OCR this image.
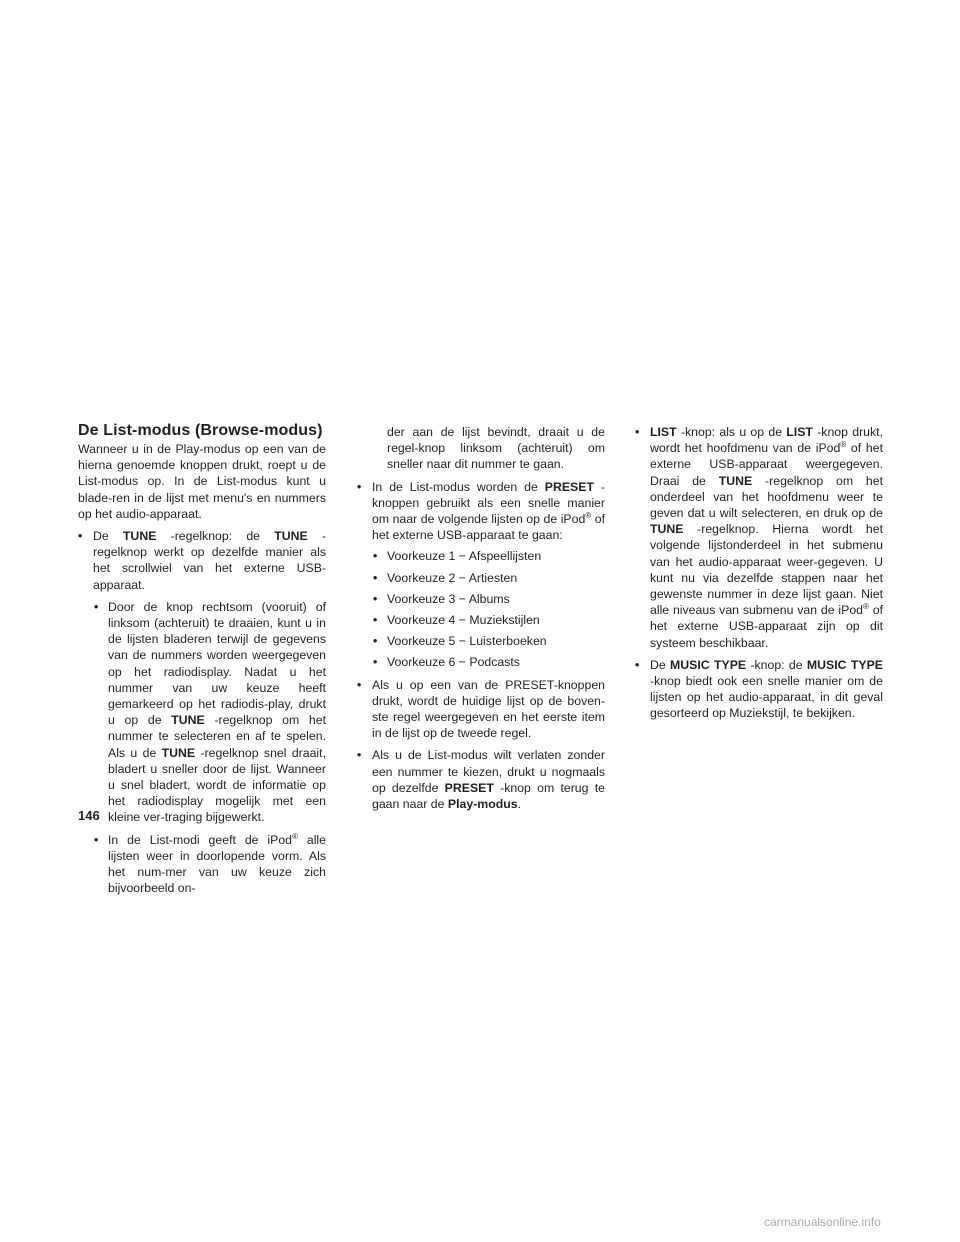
De List-modus (Browse-modus)

Wanneer u in de Play-modus op een van de hierna genoemde knoppen drukt, roept u de List-modus op. In de List-modus kunt u blade-ren in de lijst met menu's en nummers op het audio-apparaat.

• De TUNE -regelknop: de TUNE -regelknop werkt op dezelfde manier als het scrollwiel van het externe USB-apparaat.
• Door de knop rechtsom (vooruit) of linksom (achteruit) te draaien, kunt u in de lijsten bladeren terwijl de gegevens van de nummers worden weergegeven op het radiodisplay. Nadat u het nummer van uw keuze heeft gemarkeerd op het radiodis-play, drukt u op de TUNE -regelknop om het nummer te selecteren en af te spelen. Als u de TUNE -regelknop snel draait, bladert u sneller door de lijst. Wanneer u snel bladert, wordt de informatie op het radiodisplay mogelijk met een kleine ver-traging bijgewerkt.
• In de List-modi geeft de iPod® alle lijsten weer in doorlopende vorm. Als het num-mer van uw keuze zich bijvoorbeeld on-
der aan de lijst bevindt, draait u de regel-knop linksom (achteruit) om sneller naar dit nummer te gaan.
• In de List-modus worden de PRESET -knoppen gebruikt als een snelle manier om naar de volgende lijsten op de iPod® of het externe USB-apparaat te gaan:
• Voorkeuze 1 − Afspeellijsten
• Voorkeuze 2 − Artiesten
• Voorkeuze 3 − Albums
• Voorkeuze 4 − Muziekstijlen
• Voorkeuze 5 − Luisterboeken
• Voorkeuze 6 − Podcasts
• Als u op een van de PRESET-knoppen drukt, wordt de huidige lijst op de boven-ste regel weergegeven en het eerste item in de lijst op de tweede regel.
• Als u de List-modus wilt verlaten zonder een nummer te kiezen, drukt u nogmaals op dezelfde PRESET -knop om terug te gaan naar de Play-modus.
• LIST -knop: als u op de LIST -knop drukt, wordt het hoofdmenu van de iPod® of het externe USB-apparaat weergegeven. Draai de TUNE -regelknop om het onderdeel van het hoofdmenu weer te geven dat u wilt selecteren, en druk op de TUNE -regelknop. Hierna wordt het volgende lijstonderdeel in het submenu van het audio-apparaat weer-gegeven. U kunt nu via dezelfde stappen naar het gewenste nummer in deze lijst gaan. Niet alle niveaus van submenu van de iPod® of het externe USB-apparaat zijn op dit systeem beschikbaar.
• De MUSIC TYPE -knop: de MUSIC TYPE -knop biedt ook een snelle manier om de lijsten op het audio-apparaat, in dit geval gesorteerd op Muziekstijl, te bekijken.
146
carmanualsonline.info
